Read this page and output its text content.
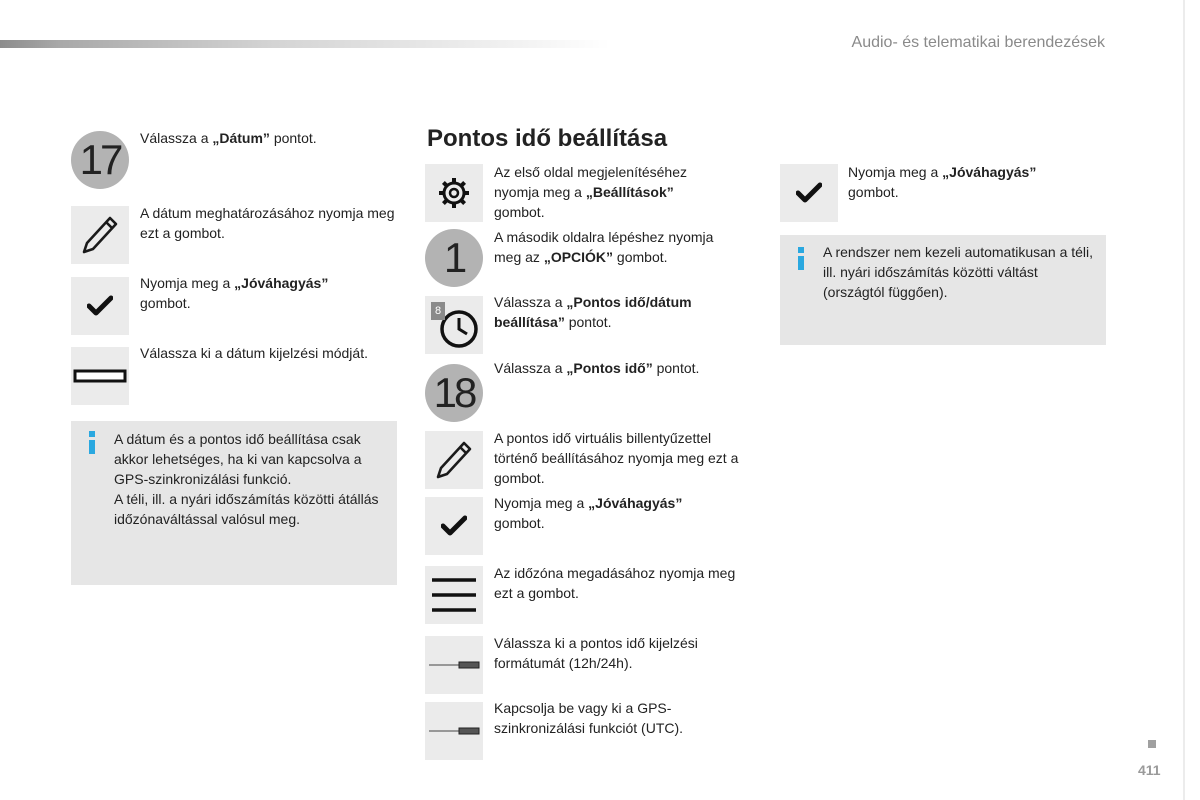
Audio- és telematikai berendezések
17	Válassza a „Dátum” pontot.
A dátum meghatározásához nyomja meg ezt a gombot.
Nyomja meg a „Jóváhagyás”
gombot.
Válassza ki a dátum kijelzési módját.
A dátum és a pontos idő beállítása csak akkor lehetséges, ha ki van kapcsolva a GPS-szinkronizálási funkció.
A téli, ill. a nyári időszámítás közötti átállás időzónaváltással valósul meg.
Pontos idő beállítása
Az első oldal megjelenítéséhez nyomja meg a „Beállítások”
gombot.
1	A második oldalra lépéshez nyomja meg az „OPCIÓK” gombot.
8
Válassza a „Pontos idő/dátum beállítása” pontot.
18
Válassza a „Pontos idő” pontot.
A pontos idő virtuális billentyűzettel történő beállításához nyomja meg ezt a gombot.
Nyomja meg a „Jóváhagyás”
gombot.
Az időzóna megadásához nyomja meg ezt a gombot.
Válassza ki a pontos idő kijelzési formátumát (12h/24h).
Kapcsolja be vagy ki a GPS-szinkronizálási funkciót (UTC).
Nyomja meg a „Jóváhagyás”
gombot.
A rendszer nem kezeli automatikusan a téli, ill. nyári időszámítás közötti váltást (országtól függően).
411
